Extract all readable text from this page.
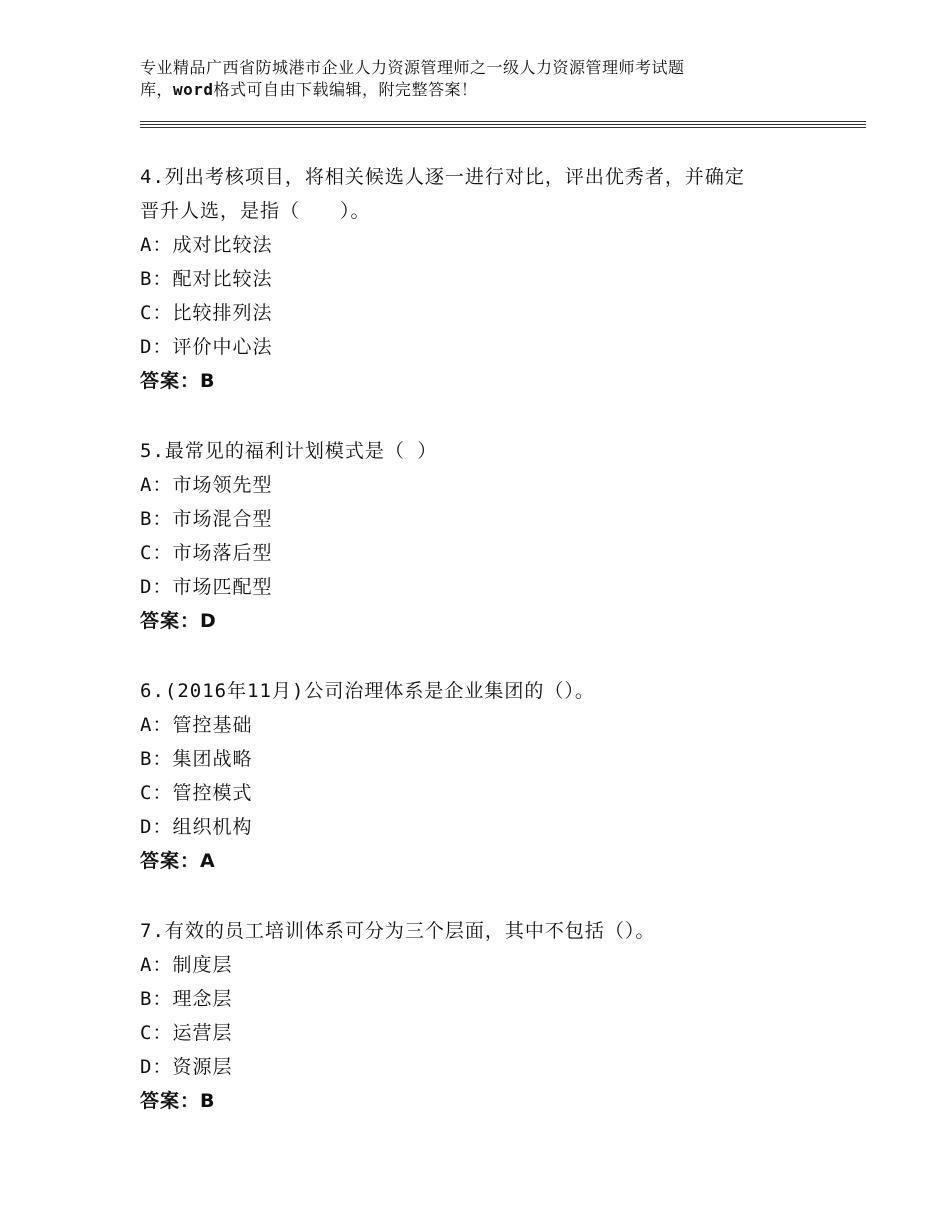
专业精品广西省防城港市企业人力资源管理师之一级人力资源管理师考试题
库，word格式可自由下载编辑，附完整答案！
4.列出考核项目，将相关候选人逐一进行对比，评出优秀者，并确定
晋升人选，是指（　　）。
A：成对比较法
B：配对比较法
C：比较排列法
D：评价中心法
答案：B
5.最常见的福利计划模式是（ ）
A：市场领先型
B：市场混合型
C：市场落后型
D：市场匹配型
答案：D
6.(2016年11月)公司治理体系是企业集团的（）。
A：管控基础
B：集团战略
C：管控模式
D：组织机构
答案：A
7.有效的员工培训体系可分为三个层面，其中不包括（）。
A：制度层
B：理念层
C：运营层
D：资源层
答案：B
